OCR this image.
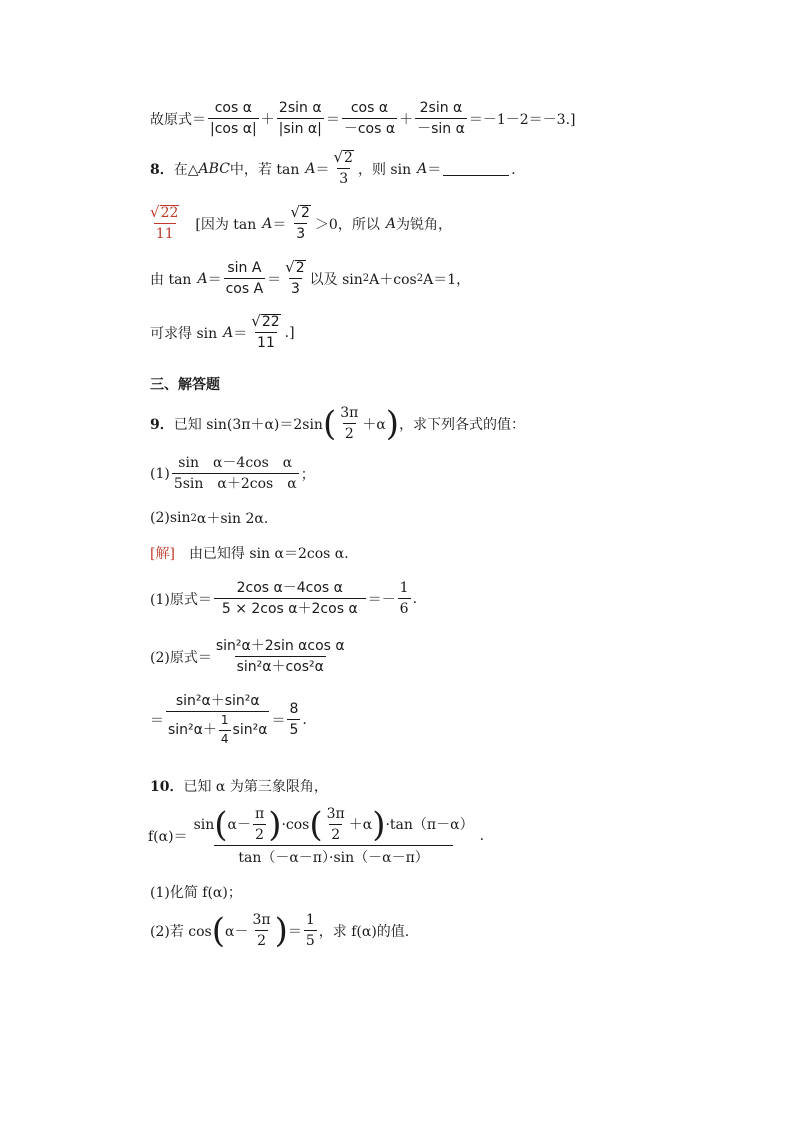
故原式＝ $\frac{\text{cos α}}{\text{|cos α|}} + \frac{\text{2sin α}}{\text{|sin α|}} = \frac{\text{cos α}}{\text{－cos α}} + \frac{\text{2sin α}}{\text{－sin α}} =-1-2=-3$.]
8． 在△ ABC 中，若 $\tan A = \frac{√ 2}{3}$ ，则 sin A ＝	．
$\frac{√ 22}{11}$ [因为 $\tan A = \frac{√ 2}{3} >0$，所以 A 为锐角，
由 $\tan A = \frac{\text{sin A}}{\text{cos A}} = \frac{√ 2}{3}$ 以及 sin 2 A＋cos 2 A＝1，
可求得 $\sin A = \frac{√ 22}{11}$ .]
三、解答题
9． 已知 sin(3π＋α)＝2sin ( $\frac{3\pi}{2} +\alpha$ ) ，求下列各式的值：
$(1) \frac{\text{sin　α－4cos　α}}{\text{5sin　α＋2cos　α}}$ ；
(2)sin 2 α＋sin 2α.
[解] 由已知得 sin α＝2cos α.
(1)原式＝ $\frac{\text{2cos α－4cos α}}{\text{5 × 2cos α＋2cos α}} =- \frac{1}{6}$ .
(2)原式＝ $\frac{\text{sin²α＋2sin αcos α}}{\text{sin²α＋cos²α}}$
＝ $\frac{\text{sin²α＋sin²α}}{\sin^2\alpha+ \frac{1}{4} \sin^2\alpha} = \frac{8}{5}$ .
10． 已知 α 为第三象限角，
f(α)＝
sin ( $\alpha- \frac{\pi}{2}$ ) ·cos ( $\frac{3\pi}{2} +\alpha$ ) ·tan（π－α）
tan（－α－π）·sin（－α－π）
.
(1)化简 f(α)；
(2)若 cos ( $\alpha- \frac{3\pi}{2}$ ) ＝ $\frac{1}{5}$ ，求 f(α)的值.
